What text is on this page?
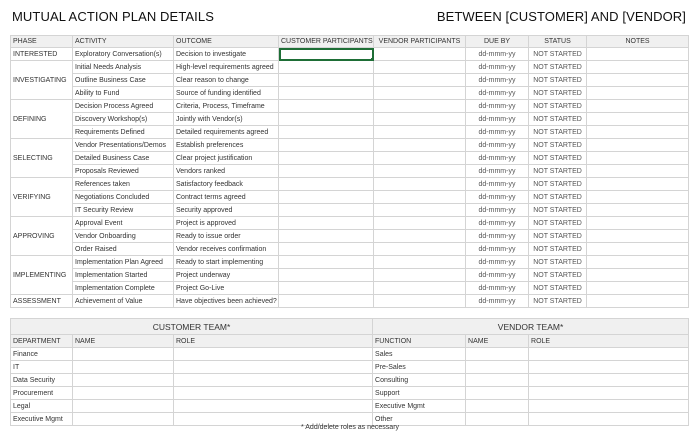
MUTUAL ACTION PLAN DETAILS	BETWEEN [CUSTOMER] AND [VENDOR]
PHASE	ACTIVITY	OUTCOME	CUSTOMER PARTICIPANTS	VENDOR PARTICIPANTS	DUE BY	STATUS	NOTES
INTERESTED	Exploratory Conversation(s)	Decision to investigate			dd-mmm-yy	NOT STARTED	
INVESTIGATING	Initial Needs Analysis	High-level requirements agreed			dd-mmm-yy	NOT STARTED	
	Outline Business Case	Clear reason to change			dd-mmm-yy	NOT STARTED	
	Ability to Fund	Source of funding identified			dd-mmm-yy	NOT STARTED	
DEFINING	Decision Process Agreed	Criteria, Process, Timeframe			dd-mmm-yy	NOT STARTED	
	Discovery Workshop(s)	Jointly with Vendor(s)			dd-mmm-yy	NOT STARTED	
	Requirements Defined	Detailed requirements agreed			dd-mmm-yy	NOT STARTED	
SELECTING	Vendor Presentations/Demos	Establish preferences			dd-mmm-yy	NOT STARTED	
	Detailed Business Case	Clear project justification			dd-mmm-yy	NOT STARTED	
	Proposals Reviewed	Vendors ranked			dd-mmm-yy	NOT STARTED	
VERIFYING	References taken	Satisfactory feedback			dd-mmm-yy	NOT STARTED	
	Negotiations Concluded	Contract terms agreed			dd-mmm-yy	NOT STARTED	
	IT Security Review	Security approved			dd-mmm-yy	NOT STARTED	
APPROVING	Approval Event	Project is approved			dd-mmm-yy	NOT STARTED	
	Vendor Onboarding	Ready to issue order			dd-mmm-yy	NOT STARTED	
	Order Raised	Vendor receives confirmation			dd-mmm-yy	NOT STARTED	
IMPLEMENTING	Implementation Plan Agreed	Ready to start implementing			dd-mmm-yy	NOT STARTED	
	Implementation Started	Project underway			dd-mmm-yy	NOT STARTED	
	Implementation Complete	Project Go-Live			dd-mmm-yy	NOT STARTED	
ASSESSMENT	Achievement of Value	Have objectives been achieved?			dd-mmm-yy	NOT STARTED	
CUSTOMER TEAM*			VENDOR TEAM*		
DEPARTMENT	NAME	ROLE	FUNCTION	NAME	ROLE
Finance			Sales		
IT			Pre-Sales		
Data Security			Consulting		
Procurement			Support		
Legal			Executive Mgmt		
Executive Mgmt			Other		
* Add/delete roles as necessary
